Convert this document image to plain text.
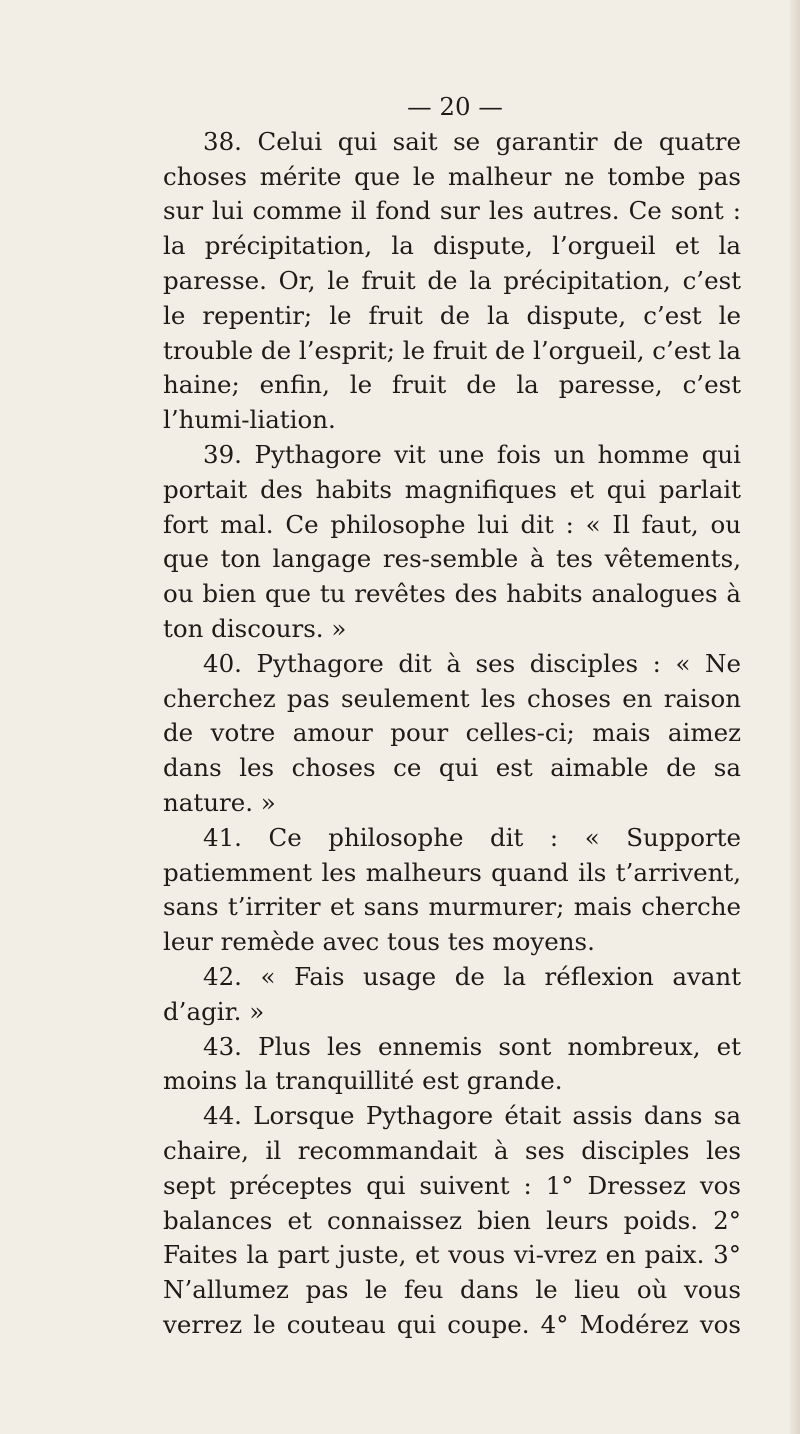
— 20 —

38. Celui qui sait se garantir de quatre choses mérite que le malheur ne tombe pas sur lui comme il fond sur les autres. Ce sont : la précipitation, la dispute, l’orgueil et la paresse. Or, le fruit de la précipitation, c’est le repentir; le fruit de la dispute, c’est le trouble de l’esprit; le fruit de l’orgueil, c’est la haine; enfin, le fruit de la paresse, c’est l’humi-liation.

39. Pythagore vit une fois un homme qui portait des habits magnifiques et qui parlait fort mal. Ce philosophe lui dit : « Il faut, ou que ton langage res-semble à tes vêtements, ou bien que tu revêtes des habits analogues à ton discours. »

40. Pythagore dit à ses disciples : « Ne cherchez pas seulement les choses en raison de votre amour pour celles-ci; mais aimez dans les choses ce qui est aimable de sa nature. »

41. Ce philosophe dit : « Supporte patiemment les malheurs quand ils t’arrivent, sans t’irriter et sans murmurer; mais cherche leur remède avec tous tes moyens.

42. « Fais usage de la réflexion avant d’agir. »

43. Plus les ennemis sont nombreux, et moins la tranquillité est grande.

44. Lorsque Pythagore était assis dans sa chaire, il recommandait à ses disciples les sept préceptes qui suivent : 1° Dressez vos balances et connaissez bien leurs poids. 2° Faites la part juste, et vous vi-vrez en paix. 3° N’allumez pas le feu dans le lieu où vous verrez le couteau qui coupe. 4° Modérez vos
